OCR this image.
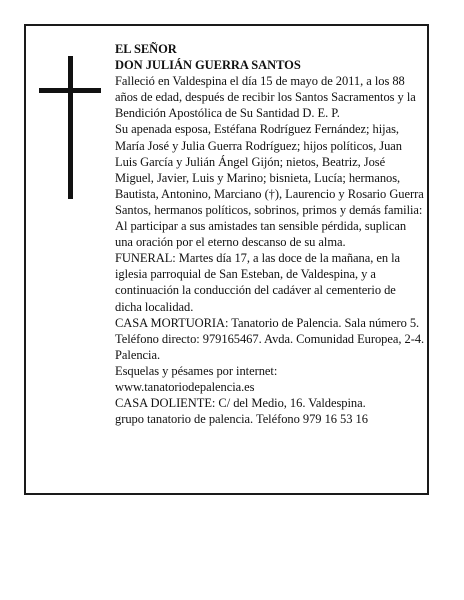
EL SEÑOR

DON JULIÁN GUERRA SANTOS

Falleció en Valdespina el día 15 de mayo de 2011, a los 88 años de edad, después de recibir los Santos Sacramentos y la Bendición Apostólica de Su Santidad D. E. P.

Su apenada esposa, Estéfana Rodríguez Fernández; hijas, María José y Julia Guerra Rodríguez; hijos políticos, Juan Luis García y Julián Ángel Gijón; nietos, Beatriz, José Miguel, Javier, Luis y Marino; bisnieta, Lucía; hermanos, Bautista, Antonino, Marciano (†), Laurencio y Rosario Guerra Santos, hermanos políticos, sobrinos, primos y demás familia:

Al participar a sus amistades tan sensible pérdida, suplican una oración por el eterno descanso de su alma.

FUNERAL: Martes día 17, a las doce de la mañana, en la iglesia parroquial de San Esteban, de Valdespina, y a continuación la conducción del cadáver al cementerio de dicha localidad.

CASA MORTUORIA: Tanatorio de Palencia. Sala número 5. Teléfono directo: 979165467. Avda. Comunidad Europea, 2-4. Palencia.

Esquelas y pésames por internet:

www.tanatoriodepalencia.es

CASA DOLIENTE: C/ del Medio, 16. Valdespina.

grupo tanatorio de palencia. Teléfono 979 16 53 16
